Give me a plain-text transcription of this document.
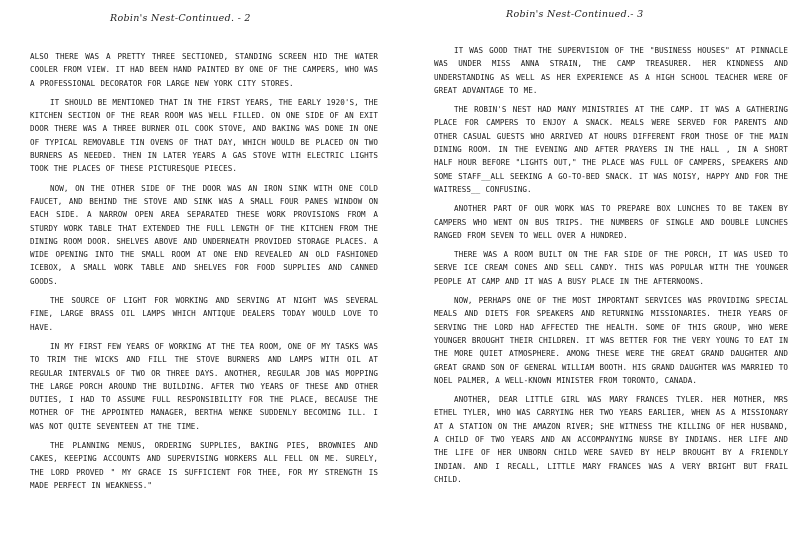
Robin's Nest-Continued. - 2

ALSO THERE WAS A PRETTY THREE SECTIONED, STANDING SCREEN HID THE WATER COOLER FROM VIEW. IT HAD BEEN HAND PAINTED BY ONE OF THE CAMPERS, WHO WAS A PROFESSIONAL DECORATOR FOR LARGE NEW YORK CITY STORES.

IT SHOULD BE MENTIONED THAT IN THE FIRST YEARS, THE EARLY 1920'S, THE KITCHEN SECTION OF THE REAR ROOM WAS WELL FILLED. ON ONE SIDE OF AN EXIT DOOR THERE WAS A THREE BURNER OIL COOK STOVE, AND BAKING WAS DONE IN ONE OF TYPICAL REMOVABLE TIN OVENS OF THAT DAY, WHICH WOULD BE PLACED ON TWO BURNERS AS NEEDED. THEN IN LATER YEARS A GAS STOVE WITH ELECTRIC LIGHTS TOOK THE PLACES OF THESE PICTURESQUE PIECES.

NOW, ON THE OTHER SIDE OF THE DOOR WAS AN IRON SINK WITH ONE COLD FAUCET, AND BEHIND THE STOVE AND SINK WAS A SMALL FOUR PANES WINDOW ON EACH SIDE. A NARROW OPEN AREA SEPARATED THESE WORK PROVISIONS FROM A STURDY WORK TABLE THAT EXTENDED THE FULL LENGTH OF THE KITCHEN FROM THE DINING ROOM DOOR. SHELVES ABOVE AND UNDERNEATH PROVIDED STORAGE PLACES. A WIDE OPENING INTO THE SMALL ROOM AT ONE END REVEALED AN OLD FASHIONED ICEBOX, A SMALL WORK TABLE AND SHELVES FOR FOOD SUPPLIES AND CANNED GOODS.

THE SOURCE OF LIGHT FOR WORKING AND SERVING AT NIGHT WAS SEVERAL FINE, LARGE BRASS OIL LAMPS WHICH ANTIQUE DEALERS TODAY WOULD LOVE TO HAVE.

IN MY FIRST FEW YEARS OF WORKING AT THE TEA ROOM, ONE OF MY TASKS WAS TO TRIM THE WICKS AND FILL THE STOVE BURNERS AND LAMPS WITH OIL AT REGULAR INTERVALS OF TWO OR THREE DAYS. ANOTHER, REGULAR JOB WAS MOPPING THE LARGE PORCH AROUND THE BUILDING. AFTER TWO YEARS OF THESE AND OTHER DUTIES, I HAD TO ASSUME FULL RESPONSIBILITY FOR THE PLACE, BECAUSE THE MOTHER OF THE APPOINTED MANAGER, BERTHA WENKE SUDDENLY BECOMING ILL. I WAS NOT QUITE SEVENTEEN AT THE TIME.

THE PLANNING MENUS, ORDERING SUPPLIES, BAKING PIES, BROWNIES AND CAKES, KEEPING ACCOUNTS AND SUPERVISING WORKERS ALL FELL ON ME. SURELY, THE LORD PROVED " MY GRACE IS SUFFICIENT FOR THEE, FOR MY STRENGTH IS MADE PERFECT IN WEAKNESS."

Robin's Nest-Continued.- 3

IT WAS GOOD THAT THE SUPERVISION OF THE "BUSINESS HOUSES" AT PINNACLE WAS UNDER MISS ANNA STRAIN, THE CAMP TREASURER. HER KINDNESS AND UNDERSTANDING AS WELL AS HER EXPERIENCE AS A HIGH SCHOOL TEACHER WERE OF GREAT ADVANTAGE TO ME.

THE ROBIN'S NEST HAD MANY MINISTRIES AT THE CAMP. IT WAS A GATHERING PLACE FOR CAMPERS TO ENJOY A SNACK. MEALS WERE SERVED FOR PARENTS AND OTHER CASUAL GUESTS WHO ARRIVED AT HOURS DIFFERENT FROM THOSE OF THE MAIN DINING ROOM. IN THE EVENING AND AFTER PRAYERS IN THE HALL , IN A SHORT HALF HOUR BEFORE "LIGHTS OUT," THE PLACE WAS FULL OF CAMPERS, SPEAKERS AND SOME STAFF__ALL SEEKING A GO-TO-BED SNACK. IT WAS NOISY, HAPPY AND FOR THE WAITRESS__ CONFUSING.

ANOTHER PART OF OUR WORK WAS TO PREPARE BOX LUNCHES TO BE TAKEN BY CAMPERS WHO WENT ON BUS TRIPS. THE NUMBERS OF SINGLE AND DOUBLE LUNCHES RANGED FROM SEVEN TO WELL OVER A HUNDRED.

THERE WAS A ROOM BUILT ON THE FAR SIDE OF THE PORCH, IT WAS USED TO SERVE ICE CREAM CONES AND SELL CANDY. THIS WAS POPULAR WITH THE YOUNGER PEOPLE AT CAMP AND IT WAS A BUSY PLACE IN THE AFTERNOONS.

NOW, PERHAPS ONE OF THE MOST IMPORTANT SERVICES WAS PROVIDING SPECIAL MEALS AND DIETS FOR SPEAKERS AND RETURNING MISSIONARIES. THEIR YEARS OF SERVING THE LORD HAD AFFECTED THE HEALTH. SOME OF THIS GROUP, WHO WERE YOUNGER BROUGHT THEIR CHILDREN. IT WAS BETTER FOR THE VERY YOUNG TO EAT IN THE MORE QUIET ATMOSPHERE. AMONG THESE WERE THE GREAT GRAND DAUGHTER AND GREAT GRAND SON OF GENERAL WILLIAM BOOTH. HIS GRAND DAUGHTER WAS MARRIED TO NOEL PALMER, A WELL-KNOWN MINISTER FROM TORONTO, CANADA.

ANOTHER, DEAR LITTLE GIRL WAS MARY FRANCES TYLER. HER MOTHER, MRS ETHEL TYLER, WHO WAS CARRYING HER TWO YEARS EARLIER, WHEN AS A MISSIONARY AT A STATION ON THE AMAZON RIVER; SHE WITNESS THE KILLING OF HER HUSBAND, A CHILD OF TWO YEARS AND AN ACCOMPANYING NURSE BY INDIANS. HER LIFE AND THE LIFE OF HER UNBORN CHILD WERE SAVED BY HELP BROUGHT BY A FRIENDLY INDIAN. AND I RECALL, LITTLE MARY FRANCES WAS A VERY BRIGHT BUT FRAIL CHILD.
